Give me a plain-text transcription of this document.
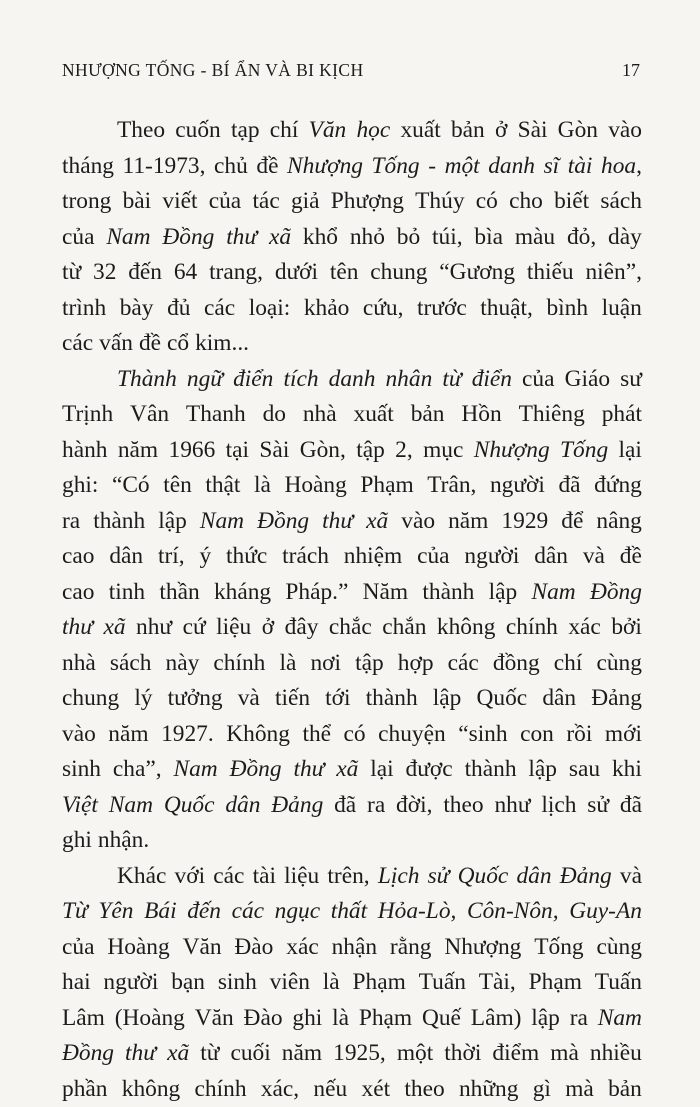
NHƯỢNG TỐNG - BÍ ẨN VÀ BI KỊCH	17
Theo cuốn tạp chí Văn học xuất bản ở Sài Gòn vào
tháng 11-1973, chủ đề Nhượng Tống - một danh sĩ tài hoa,
trong bài viết của tác giả Phượng Thúy có cho biết sách
của Nam Đồng thư xã khổ nhỏ bỏ túi, bìa màu đỏ, dày
từ 32 đến 64 trang, dưới tên chung “Gương thiếu niên”,
trình bày đủ các loại: khảo cứu, trước thuật, bình luận
các vấn đề cổ kim...
Thành ngữ điển tích danh nhân từ điển của Giáo sư
Trịnh Vân Thanh do nhà xuất bản Hồn Thiêng phát
hành năm 1966 tại Sài Gòn, tập 2, mục Nhượng Tống lại
ghi: “Có tên thật là Hoàng Phạm Trân, người đã đứng
ra thành lập Nam Đồng thư xã vào năm 1929 để nâng
cao dân trí, ý thức trách nhiệm của người dân và đề
cao tinh thần kháng Pháp.” Năm thành lập Nam Đồng
thư xã như cứ liệu ở đây chắc chắn không chính xác bởi
nhà sách này chính là nơi tập hợp các đồng chí cùng
chung lý tưởng và tiến tới thành lập Quốc dân Đảng
vào năm 1927. Không thể có chuyện “sinh con rồi mới
sinh cha”, Nam Đồng thư xã lại được thành lập sau khi
Việt Nam Quốc dân Đảng đã ra đời, theo như lịch sử đã
ghi nhận.
Khác với các tài liệu trên, Lịch sử Quốc dân Đảng và
Từ Yên Bái đến các ngục thất Hỏa-Lò, Côn-Nôn, Guy-An
của Hoàng Văn Đào xác nhận rằng Nhượng Tống cùng
hai người bạn sinh viên là Phạm Tuấn Tài, Phạm Tuấn
Lâm (Hoàng Văn Đào ghi là Phạm Quế Lâm) lập ra Nam
Đồng thư xã từ cuối năm 1925, một thời điểm mà nhiều
phần không chính xác, nếu xét theo những gì mà bản
